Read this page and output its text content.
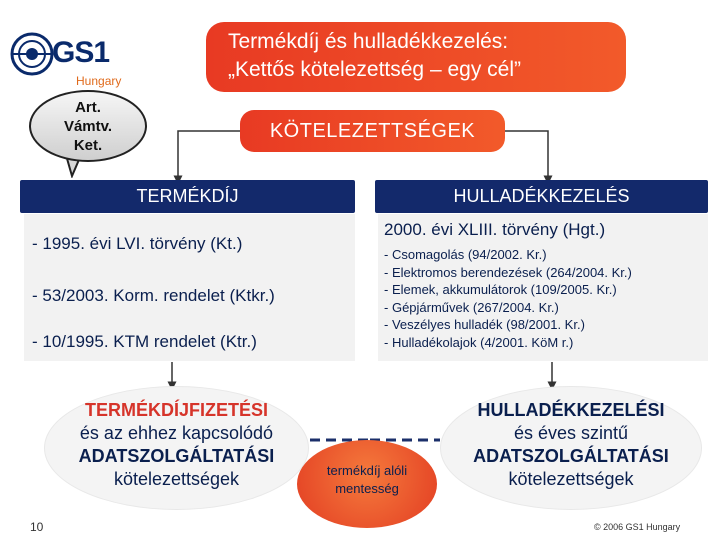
GS1
Hungary
Termékdíj és hulladékkezelés:
„Kettős kötelezettség – egy cél”
Art.
Vámtv.
Ket.
KÖTELEZETTSÉGEK
TERMÉKDÍJ	HULLADÉKKEZELÉS
- 1995. évi LVI. törvény (Kt.)
- 53/2003. Korm. rendelet (Ktkr.)
- 10/1995. KTM rendelet (Ktr.)
2000. évi XLIII. törvény (Hgt.)
- Csomagolás (94/2002. Kr.)
- Elektromos berendezések (264/2004. Kr.)
- Elemek, akkumulátorok (109/2005. Kr.)
- Gépjárművek (267/2004. Kr.)
- Veszélyes hulladék (98/2001. Kr.)
- Hulladékolajok (4/2001. KöM r.)
TERMÉKDÍJFIZETÉSI
és az ehhez kapcsolódó
ADATSZOLGÁLTATÁSI
kötelezettségek
HULLADÉKKEZELÉSI
és éves szintű
ADATSZOLGÁLTATÁSI
kötelezettségek
termékdíj alóli
mentesség
10	© 2006 GS1 Hungary
